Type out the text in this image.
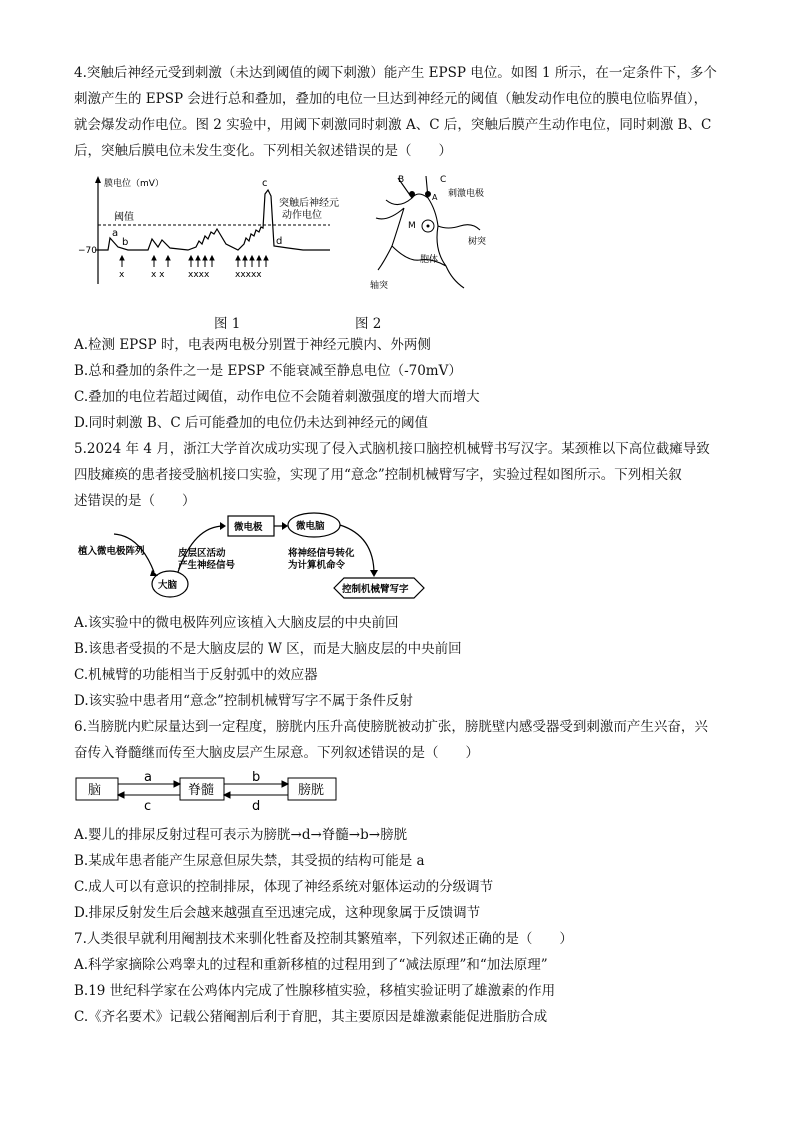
4.突触后神经元受到刺激（未达到阈值的阈下刺激）能产生 EPSP 电位。如图 1 所示，在一定条件下，多个
刺激产生的 EPSP 会进行总和叠加，叠加的电位一旦达到神经元的阈值（触发动作电位的膜电位临界值），
就会爆发动作电位。图 2 实验中，用阈下刺激同时刺激 A、C 后，突触后膜产生动作电位，同时刺激 B、C
后，突触后膜电位未发生变化。下列相关叙述错误的是（　　）
膜电位（mV）
阈值
−70
a
b
c
d
突触后神经元
动作电位
x	x x	xxxx	xxxxx
B	C
A 刺激电极
M
树突
胞体
轴突
图 1	图 2
A.检测 EPSP 时，电表两电极分别置于神经元膜内、外两侧
B.总和叠加的条件之一是 EPSP 不能衰减至静息电位（-70mV）
C.叠加的电位若超过阈值，动作电位不会随着刺激强度的增大而增大
D.同时刺激 B、C 后可能叠加的电位仍未达到神经元的阈值
5.2024 年 4 月，浙江大学首次成功实现了侵入式脑机接口脑控机械臂书写汉字。某颈椎以下高位截瘫导致
四肢瘫痪的患者接受脑机接口实验，实现了用“意念”控制机械臂写字，实验过程如图所示。下列相关叙
述错误的是（　　）
植入微电极阵列
大脑
皮层区活动
产生神经信号
微电极	微电脑
将神经信号转化
为计算机命令
控制机械臂写字
A.该实验中的微电极阵列应该植入大脑皮层的中央前回
B.该患者受损的不是大脑皮层的 W 区，而是大脑皮层的中央前回
C.机械臂的功能相当于反射弧中的效应器
D.该实验中患者用“意念”控制机械臂写字不属于条件反射
6.当膀胱内贮尿量达到一定程度，膀胱内压升高使膀胱被动扩张，膀胱壁内感受器受到刺激而产生兴奋，兴
奋传入脊髓继而传至大脑皮层产生尿意。下列叙述错误的是（　　）
脑	脊髓	膀胱
a
c
b
d
A.婴儿的排尿反射过程可表示为膀胱→d→脊髓→b→膀胱
B.某成年患者能产生尿意但尿失禁，其受损的结构可能是 a
C.成人可以有意识的控制排尿，体现了神经系统对躯体运动的分级调节
D.排尿反射发生后会越来越强直至迅速完成，这种现象属于反馈调节
7.人类很早就利用阉割技术来驯化牲畜及控制其繁殖率，下列叙述正确的是（　　）
A.科学家摘除公鸡睾丸的过程和重新移植的过程用到了“减法原理”和“加法原理”
B.19 世纪科学家在公鸡体内完成了性腺移植实验，移植实验证明了雄激素的作用
C.《齐名要术》记载公猪阉割后利于育肥，其主要原因是雄激素能促进脂肪合成
